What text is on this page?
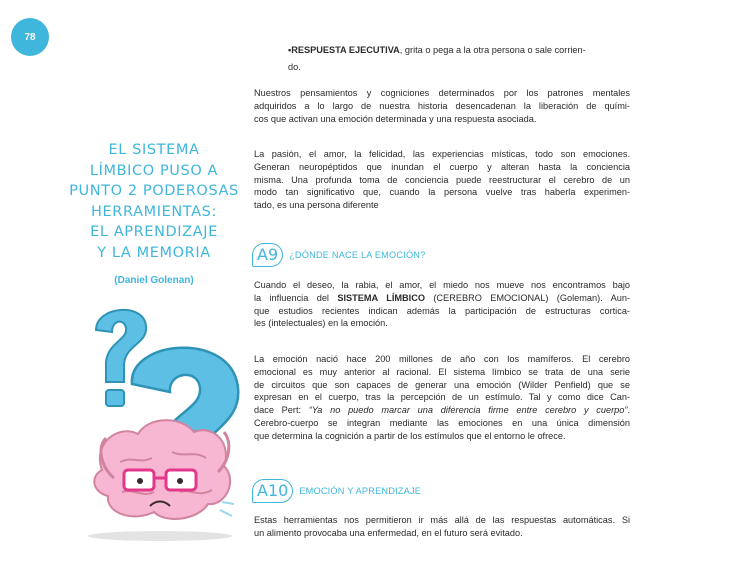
78
EL SISTEMA
LÍMBICO PUSO A
PUNTO 2 PODEROSAS
HERRAMIENTAS:
EL APRENDIZAJE
Y LA MEMORIA
(Daniel Golenan)
•RESPUESTA EJECUTIVA, grita o pega a la otra persona o sale corrien-
do.
Nuestros pensamientos y cogniciones determinados por los patrones mentales
adquiridos a lo largo de nuestra historia desencadenan la liberación de quími-
cos que activan una emoción determinada y una respuesta asociada.
La pasión, el amor, la felicidad, las experiencias místicas, todo son emociones.
Generan neuropéptidos que inundan el cuerpo y alteran hasta la conciencia
misma. Una profunda toma de conciencia puede reestructurar el cerebro de un
modo tan significativo que, cuando la persona vuelve tras haberla experimen-
tado, es una persona diferente
A9	¿DÓNDE NACE LA EMOCIÓN?
Cuando el deseo, la rabia, el amor, el miedo nos mueve nos encontramos bajo
la influencia del SISTEMA LÍMBICO (CEREBRO EMOCIONAL) (Goleman). Aun-
que estudios recientes indican además la participación de estructuras cortica-
les (intelectuales) en la emoción.
La emoción nació hace 200 millones de año con los mamíferos. El cerebro
emocional es muy anterior al racional. El sistema límbico se trata de una serie
de circuitos que son capaces de generar una emoción (Wilder Penfield) que se
expresan en el cuerpo, tras la percepción de un estímulo. Tal y como dice Can-
dace Pert: “Ya no puedo marcar una diferencia firme entre cerebro y cuerpo”.
Cerebro-cuerpo se integran mediante las emociones en una única dimensión
que determina la cognición a partir de los estímulos que el entorno le ofrece.
A10	EMOCIÓN Y APRENDIZAJE
Estas herramientas nos permitieron ir más allá de las respuestas automáticas. Si
un alimento provocaba una enfermedad, en el futuro será evitado.
